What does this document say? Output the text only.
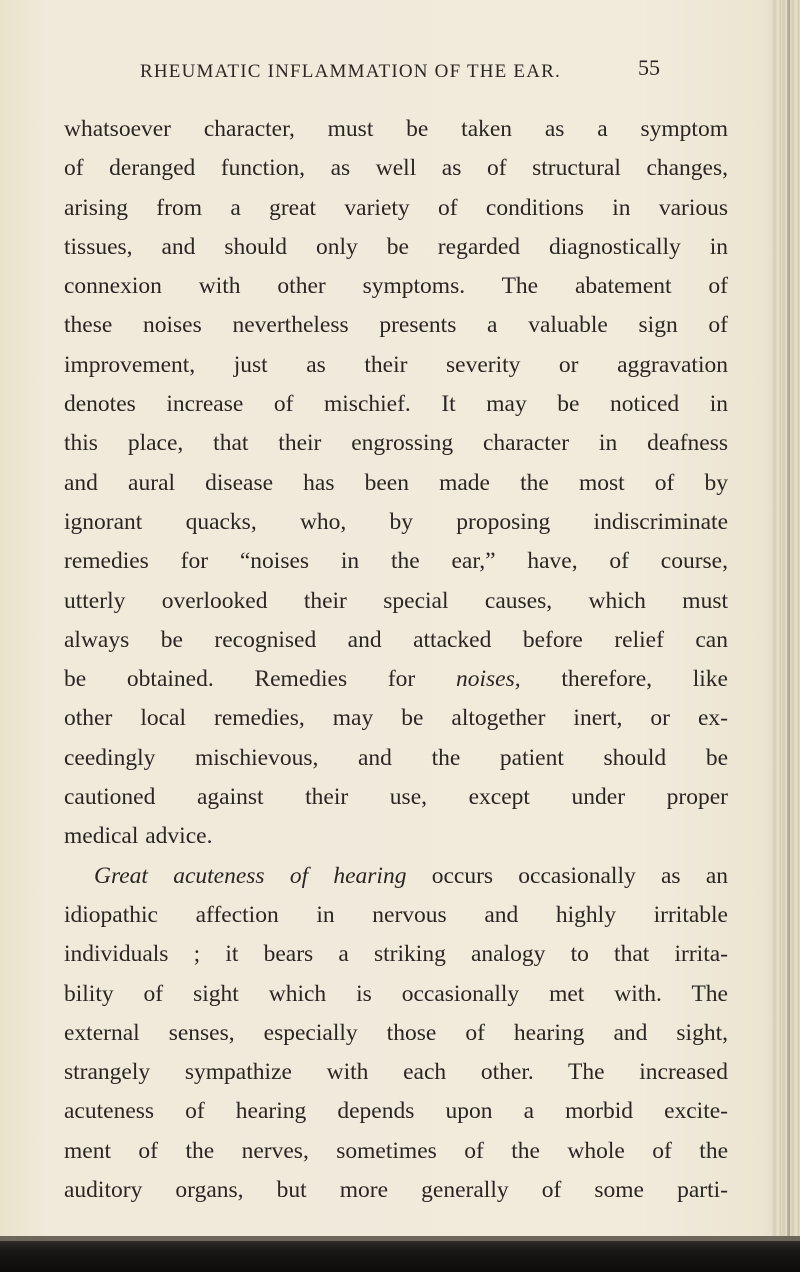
RHEUMATIC INFLAMMATION OF THE EAR.	55
whatsoever character, must be taken as a symptom
of deranged function, as well as of structural changes,
arising from a great variety of conditions in various
tissues, and should only be regarded diagnostically in
connexion with other symptoms. The abatement of
these noises nevertheless presents a valuable sign of
improvement, just as their severity or aggravation
denotes increase of mischief. It may be noticed in
this place, that their engrossing character in deafness
and aural disease has been made the most of by
ignorant quacks, who, by proposing indiscriminate
remedies for “noises in the ear,” have, of course,
utterly overlooked their special causes, which must
always be recognised and attacked before relief can
be obtained. Remedies for noises, therefore, like
other local remedies, may be altogether inert, or ex-
ceedingly mischievous, and the patient should be
cautioned against their use, except under proper
medical advice.
Great acuteness of hearing occurs occasionally as an
idiopathic affection in nervous and highly irritable
individuals ; it bears a striking analogy to that irrita-
bility of sight which is occasionally met with. The
external senses, especially those of hearing and sight,
strangely sympathize with each other. The increased
acuteness of hearing depends upon a morbid excite-
ment of the nerves, sometimes of the whole of the
auditory organs, but more generally of some parti-
